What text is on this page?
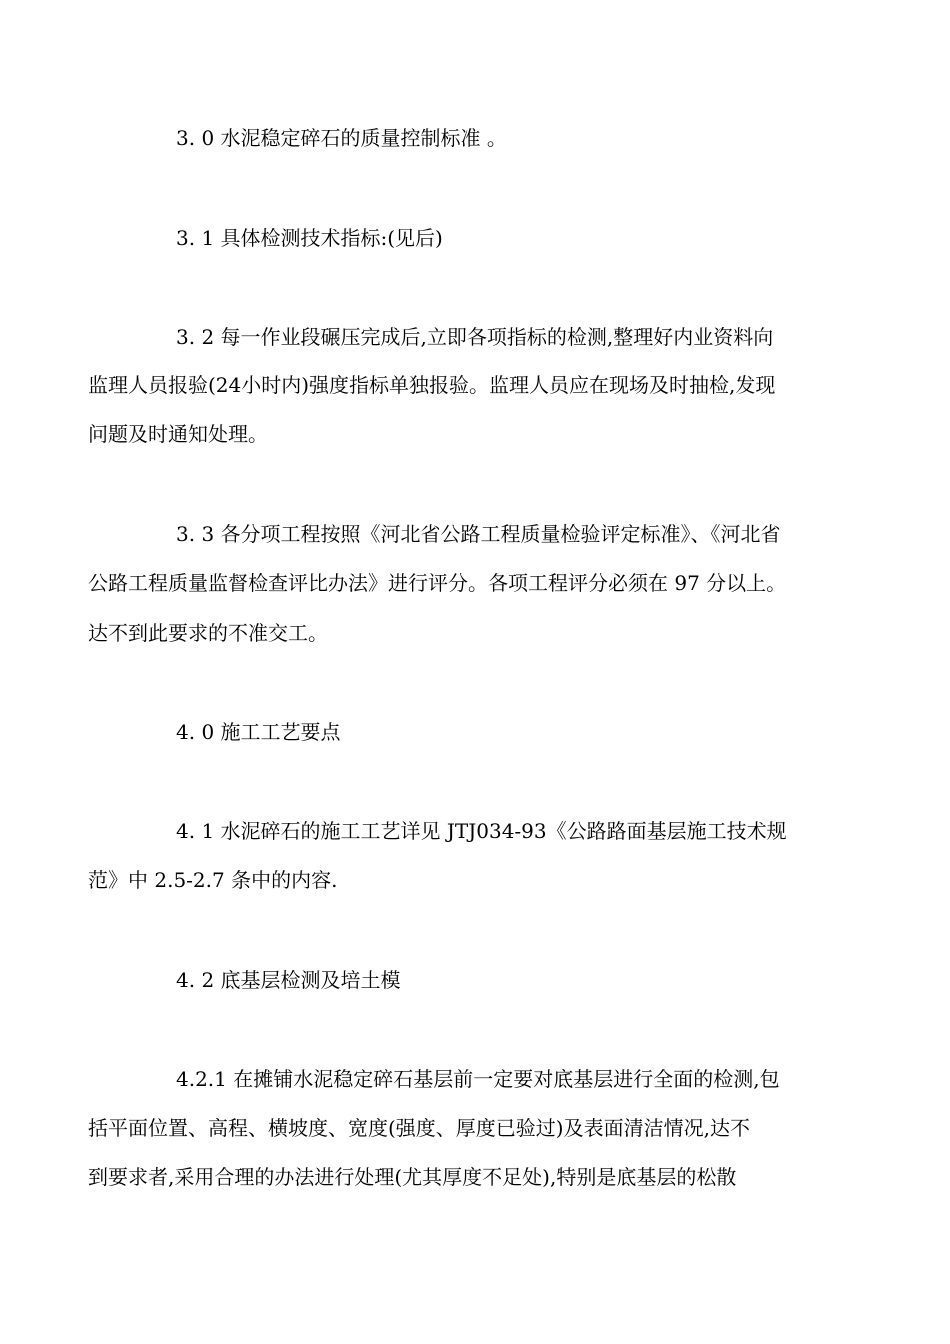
3. 0 水泥稳定碎石的质量控制标准 。
3. 1 具体检测技术指标:(见后)
3. 2 每一作业段碾压完成后,立即各项指标的检测,整理好内业资料向
监理人员报验(24小时内)强度指标单独报验。监理人员应在现场及时抽检,发现
问题及时通知处理。
3. 3 各分项工程按照《河北省公路工程质量检验评定标准》、《河北省
公路工程质量监督检查评比办法》进行评分。各项工程评分必须在 97 分以上。
达不到此要求的不准交工。
4. 0 施工工艺要点
4. 1 水泥碎石的施工工艺详见 JTJ034-93《公路路面基层施工技术规
范》中 2.5-2.7 条中的内容.
4. 2 底基层检测及培土模
4.2.1 在摊铺水泥稳定碎石基层前一定要对底基层进行全面的检测,包
括平面位置、高程、横坡度、宽度(强度、厚度已验过)及表面清洁情况,达不
到要求者,采用合理的办法进行处理(尤其厚度不足处),特别是底基层的松散
